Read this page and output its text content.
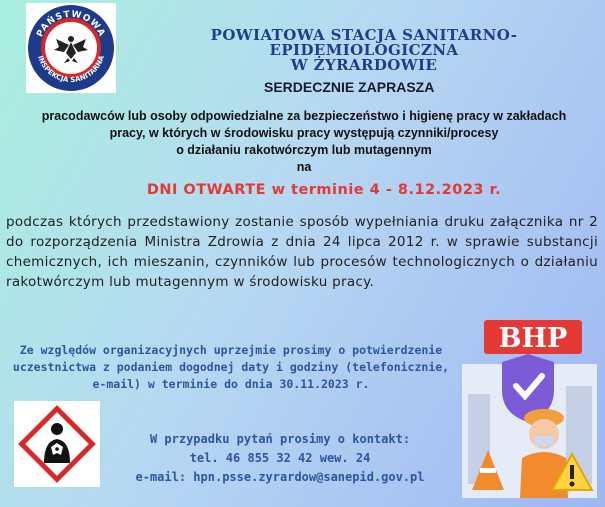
PAŃSTWOWA
INSPEKCJA SANITARNA
POWIATOWA STACJA SANITARNO-EPIDEMIOLOGICZNA
W ŻYRARDOWIE
SERDECZNIE ZAPRASZA
pracodawców lub osoby odpowiedzialne za bezpieczeństwo i higienę pracy w zakładach
pracy, w których w środowisku pracy występują czynniki/procesy
o działaniu rakotwórczym lub mutagennym
na
DNI OTWARTE w terminie 4 - 8.12.2023 r.
podczas których przedstawiony zostanie sposób wypełniania druku załącznika nr 2 do rozporządzenia Ministra Zdrowia z dnia 24 lipca 2012 r. w sprawie substancji chemicznych, ich mieszanin, czynników lub procesów technologicznych o działaniu rakotwórczym lub mutagennym w środowisku pracy.
Ze względów organizacyjnych uprzejmie prosimy o potwierdzenie
uczestnictwa z podaniem dogodnej daty i godziny (telefonicznie,
e-mail) w terminie do dnia 30.11.2023 r.
W przypadku pytań prosimy o kontakt:
tel. 46 855 32 42 wew. 24
e-mail: hpn.psse.zyrardow@sanepid.gov.pl
BHP
